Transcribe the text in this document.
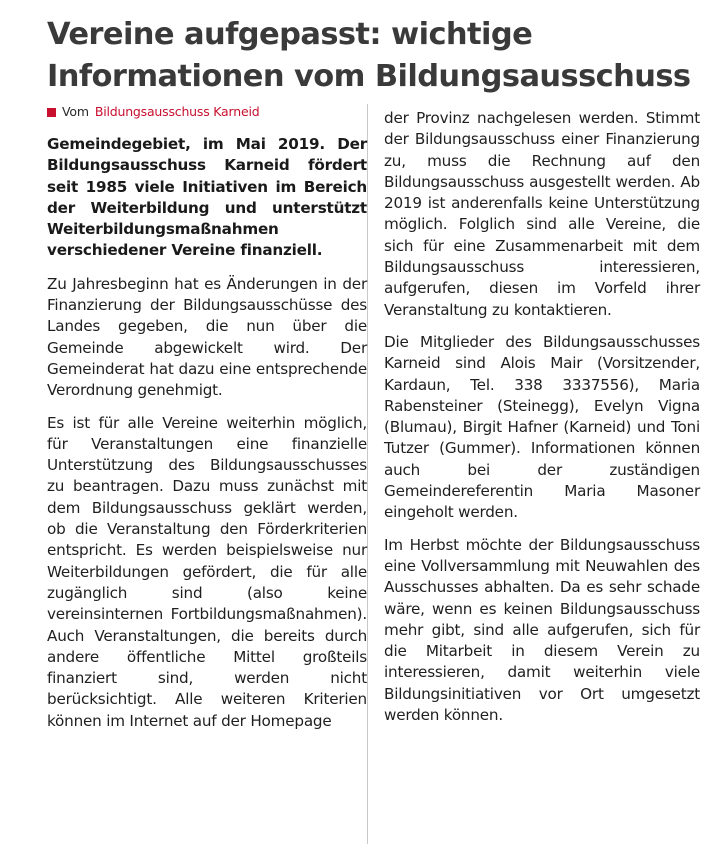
Vereine aufgepasst: wichtige
Informationen vom Bildungsausschuss
Vom Bildungsausschuss Karneid

Gemeindegebiet, im Mai 2019. Der Bildungsausschuss Karneid fördert seit 1985 viele Initiativen im Bereich der Weiterbildung und unterstützt Weiterbildungsmaßnahmen verschiedener Vereine finanziell.

Zu Jahresbeginn hat es Änderungen in der Finanzierung der Bildungsausschüsse des Landes gegeben, die nun über die Gemeinde abgewickelt wird. Der Gemeinderat hat dazu eine entsprechende Verordnung genehmigt.

Es ist für alle Vereine weiterhin möglich, für Veranstaltungen eine finanzielle Unterstützung des Bildungsausschusses zu beantragen. Dazu muss zunächst mit dem Bildungsausschuss geklärt werden, ob die Veranstaltung den Förderkriterien entspricht. Es werden beispielsweise nur Weiterbildungen gefördert, die für alle zugänglich sind (also keine vereinsinternen Fortbildungsmaßnahmen). Auch Veranstaltungen, die bereits durch andere öffentliche Mittel großteils finanziert sind, werden nicht berücksichtigt. Alle weiteren Kriterien können im Internet auf der Homepage

der Provinz nachgelesen werden. Stimmt der Bildungsausschuss einer Finanzierung zu, muss die Rechnung auf den Bildungsausschuss ausgestellt werden. Ab 2019 ist anderenfalls keine Unterstützung möglich. Folglich sind alle Vereine, die sich für eine Zusammenarbeit mit dem Bildungsausschuss interessieren, aufgerufen, diesen im Vorfeld ihrer Veranstaltung zu kontaktieren.

Die Mitglieder des Bildungsausschusses Karneid sind Alois Mair (Vorsitzender, Kardaun, Tel. 338 3337556), Maria Rabensteiner (Steinegg), Evelyn Vigna (Blumau), Birgit Hafner (Karneid) und Toni Tutzer (Gummer). Informationen können auch bei der zuständigen Gemeindereferentin Maria Masoner eingeholt werden.

Im Herbst möchte der Bildungsausschuss eine Vollversammlung mit Neuwahlen des Ausschusses abhalten. Da es sehr schade wäre, wenn es keinen Bildungsausschuss mehr gibt, sind alle aufgerufen, sich für die Mitarbeit in diesem Verein zu interessieren, damit weiterhin viele Bildungsinitiativen vor Ort umgesetzt werden können.
